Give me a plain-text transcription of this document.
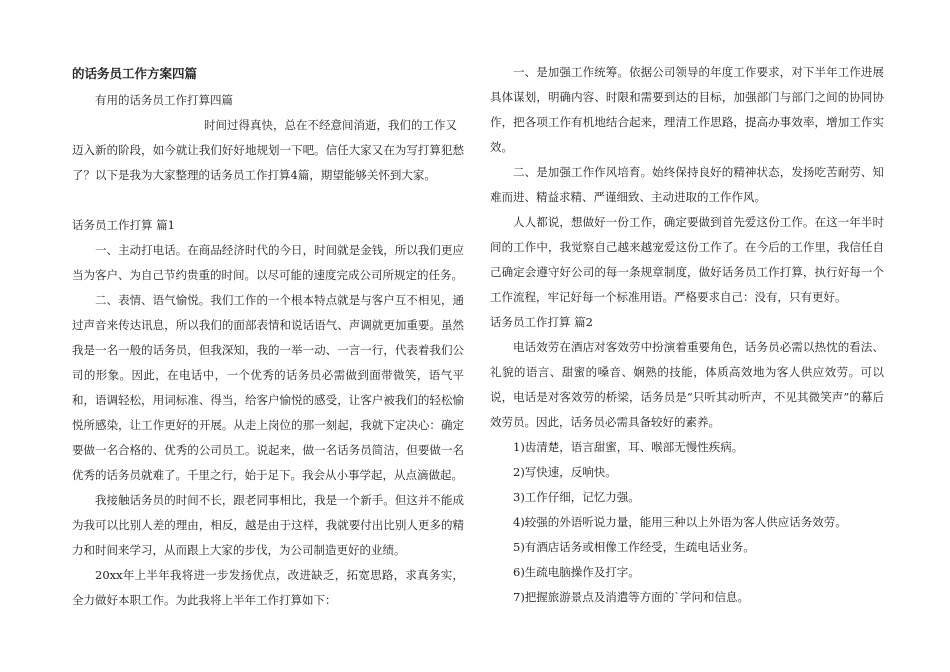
的话务员工作方案四篇
有用的话务员工作打算四篇

时间过得真快，总在不经意间消逝，我们的工作又

迈入新的阶段，如今就让我们好好地规划一下吧。信任大家又在为写打算犯愁了？以下是我为大家整理的话务员工作打算4篇，期望能够关怀到大家。

话务员工作打算 篇1

一、主动打电话。在商品经济时代的今日，时间就是金钱，所以我们更应当为客户、为自己节约贵重的时间。以尽可能的速度完成公司所规定的任务。

二、表情、语气愉悦。我们工作的一个根本特点就是与客户互不相见，通过声音来传达讯息，所以我们的面部表情和说话语气、声调就更加重要。虽然我是一名一般的话务员，但我深知，我的一举一动、一言一行，代表着我们公司的形象。因此，在电话中，一个优秀的话务员必需做到面带微笑，语气平和，语调轻松，用词标准、得当，给客户愉悦的感受，让客户被我们的轻松愉悦所感染，让工作更好的开展。从走上岗位的那一刻起，我就下定决心：确定要做一名合格的、优秀的公司员工。说起来，做一名话务员简洁，但要做一名优秀的话务员就难了。千里之行，始于足下。我会从小事学起，从点滴做起。

我接触话务员的时间不长，跟老同事相比，我是一个新手。但这并不能成为我可以比别人差的理由，相反，越是由于这样，我就要付出比别人更多的精力和时间来学习，从而跟上大家的步伐，为公司制造更好的业绩。

20xx年上半年我将进一步发扬优点，改进缺乏，拓宽思路，求真务实，全力做好本职工作。为此我将上半年工作打算如下：

一、是加强工作统筹。依据公司领导的年度工作要求，对下半年工作进展具体谋划，明确内容、时限和需要到达的目标，加强部门与部门之间的协同协作，把各项工作有机地结合起来，理清工作思路，提高办事效率，增加工作实效。

二、是加强工作作风培育。始终保持良好的精神状态，发扬吃苦耐劳、知难而进、精益求精、严谨细致、主动进取的工作作风。

人人都说，想做好一份工作，确定要做到首先爱这份工作。在这一年半时间的工作中，我觉察自己越来越宠爱这份工作了。在今后的工作里，我信任自己确定会遵守好公司的每一条规章制度，做好话务员工作打算，执行好每一个工作流程，牢记好每一个标准用语。严格要求自己：没有，只有更好。

话务员工作打算 篇2

电话效劳在酒店对客效劳中扮演着重要角色，话务员必需以热忱的看法、礼貌的语言、甜蜜的嗓音、娴熟的技能，体质高效地为客人供应效劳。可以说，电话是对客效劳的桥梁，话务员是“只听其动听声，不见其微笑声”的幕后效劳员。因此，话务员必需具备较好的素养。

1)齿清楚，语言甜蜜，耳、喉部无慢性疾病。

2)写快速，反响快。

3)工作仔细，记忆力强。

4)较强的外语听说力量，能用三种以上外语为客人供应话务效劳。

5)有酒店话务或相像工作经受，生疏电话业务。

6)生疏电脑操作及打字。

7)把握旅游景点及消遣等方面的`学问和信息。
